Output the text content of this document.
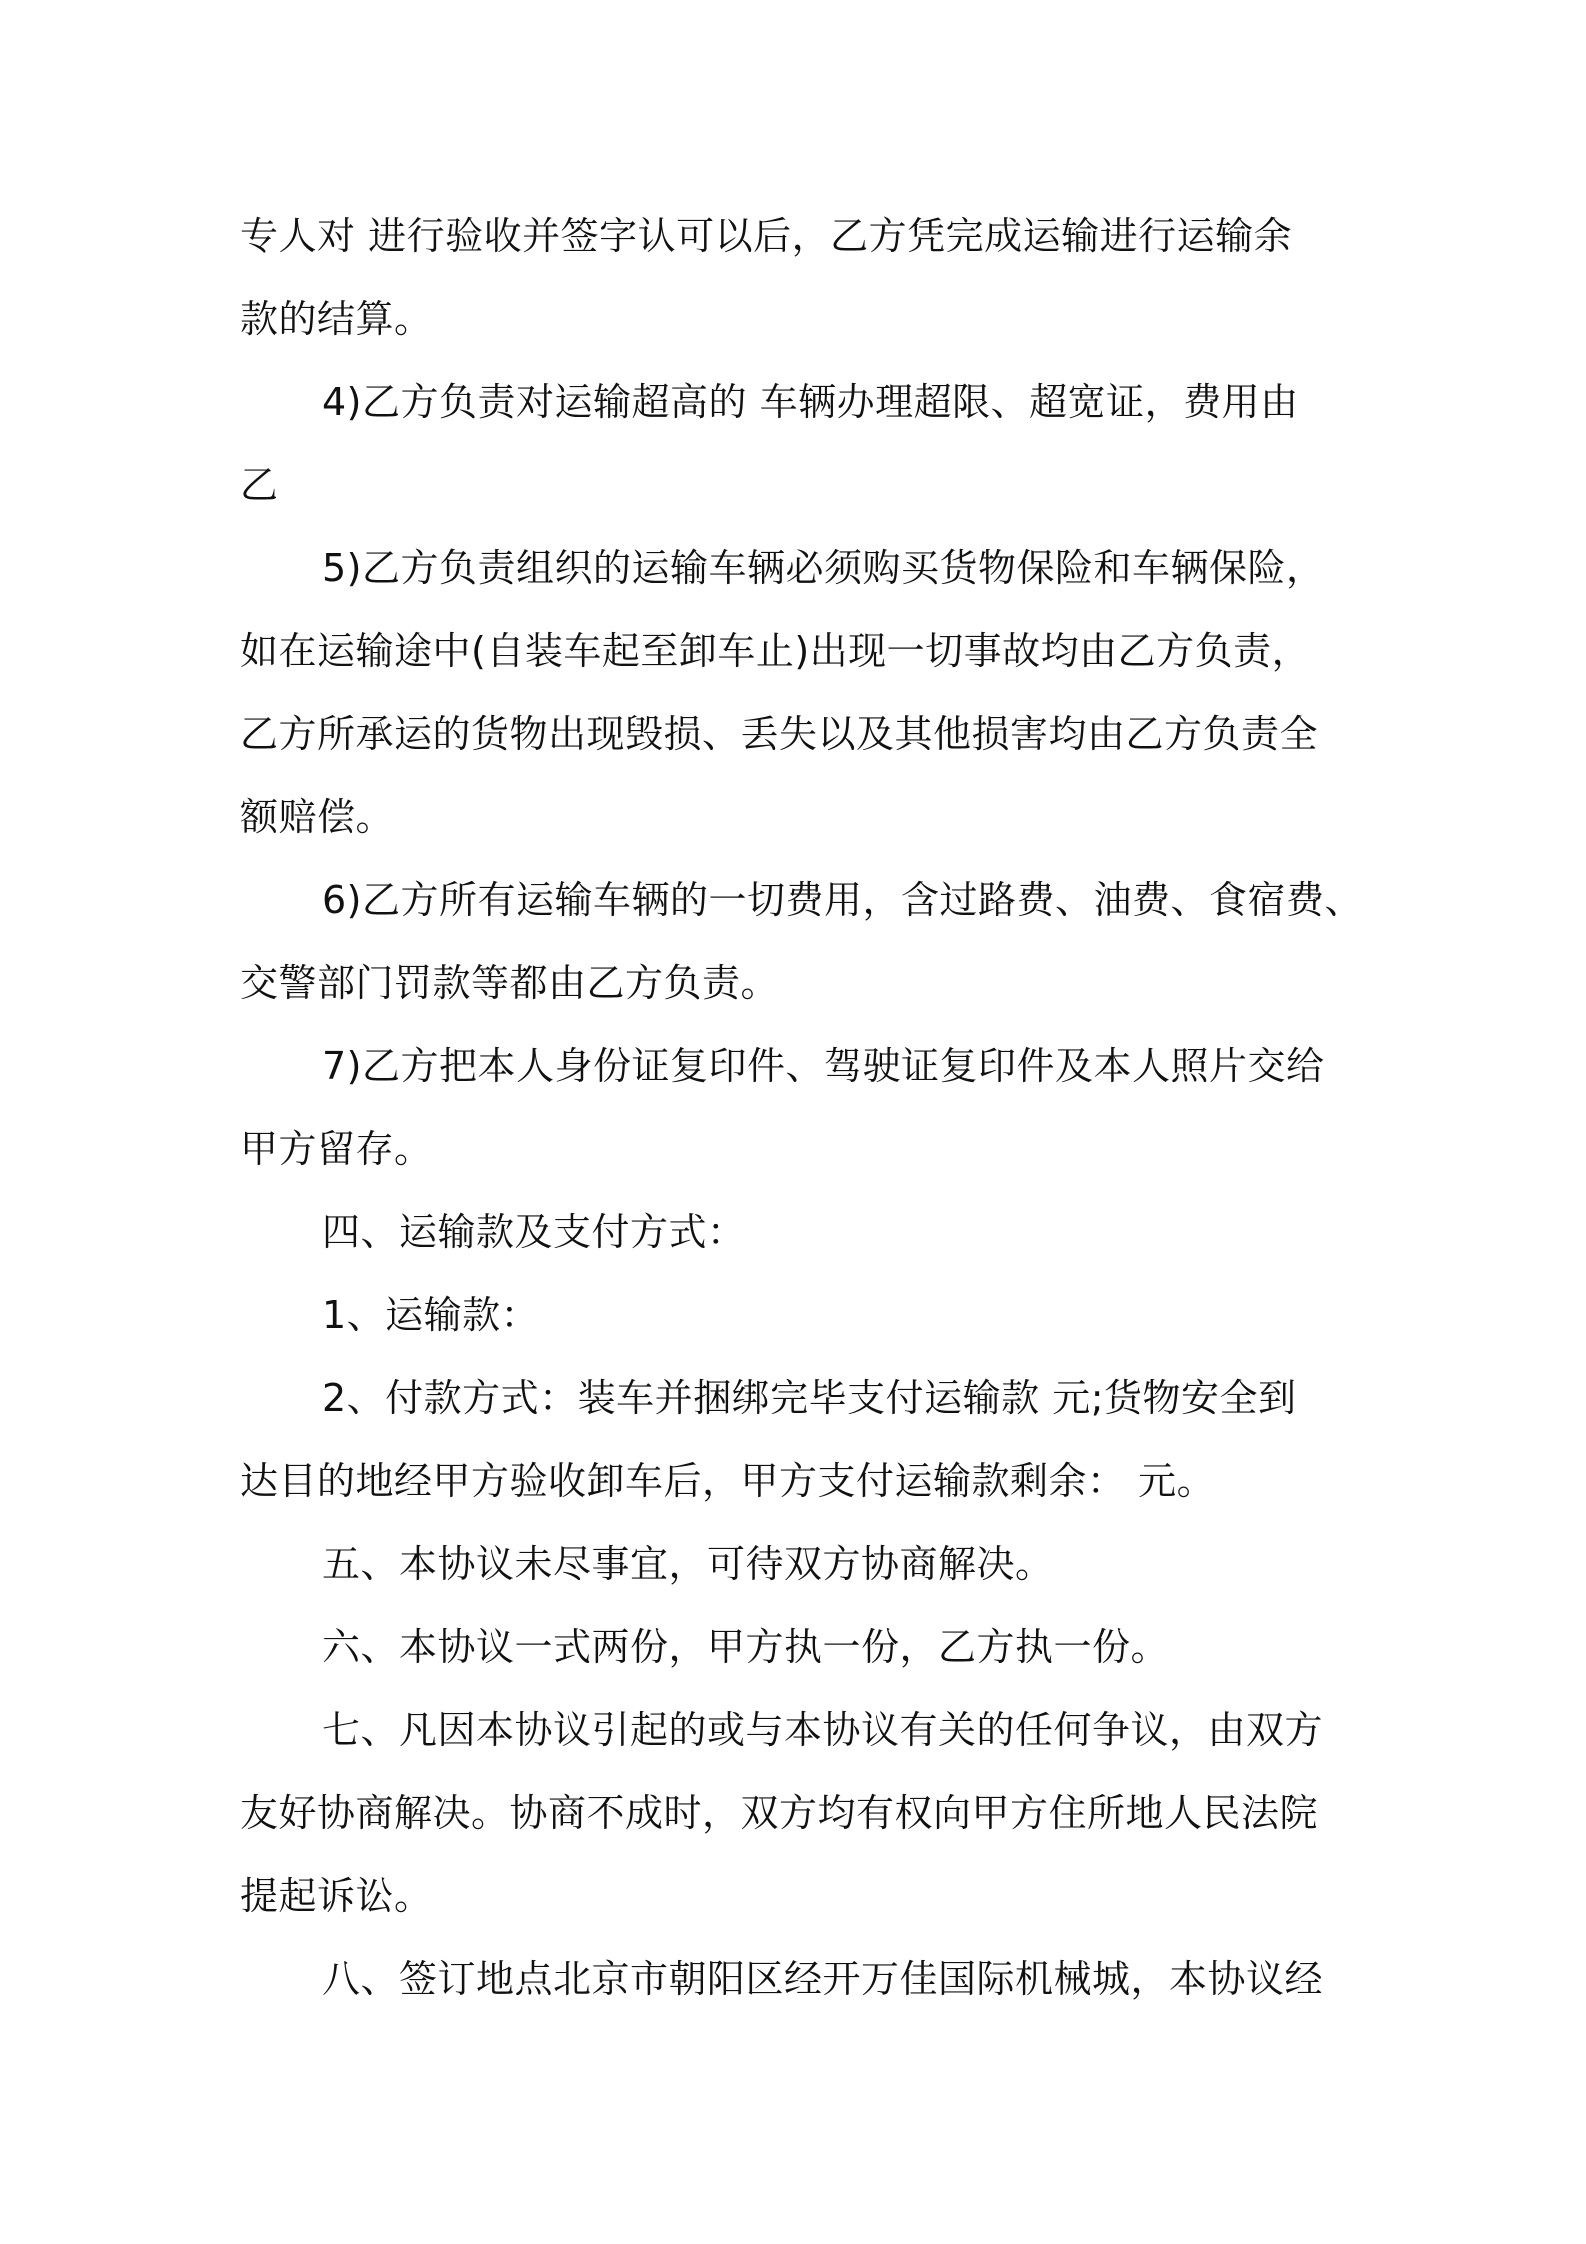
专人对 进行验收并签字认可以后，乙方凭完成运输进行运输余
款的结算。
4)乙方负责对运输超高的 车辆办理超限、超宽证，费用由
乙
5)乙方负责组织的运输车辆必须购买货物保险和车辆保险，
如在运输途中(自装车起至卸车止)出现一切事故均由乙方负责，
乙方所承运的货物出现毁损、丢失以及其他损害均由乙方负责全
额赔偿。
6)乙方所有运输车辆的一切费用，含过路费、油费、食宿费、
交警部门罚款等都由乙方负责。
7)乙方把本人身份证复印件、驾驶证复印件及本人照片交给
甲方留存。
四、运输款及支付方式：
1、运输款：
2、付款方式：装车并捆绑完毕支付运输款 元;货物安全到
达目的地经甲方验收卸车后，甲方支付运输款剩余： 元。
五、本协议未尽事宜，可待双方协商解决。
六、本协议一式两份，甲方执一份，乙方执一份。
七、凡因本协议引起的或与本协议有关的任何争议，由双方
友好协商解决。协商不成时，双方均有权向甲方住所地人民法院
提起诉讼。
八、签订地点北京市朝阳区经开万佳国际机械城，本协议经
